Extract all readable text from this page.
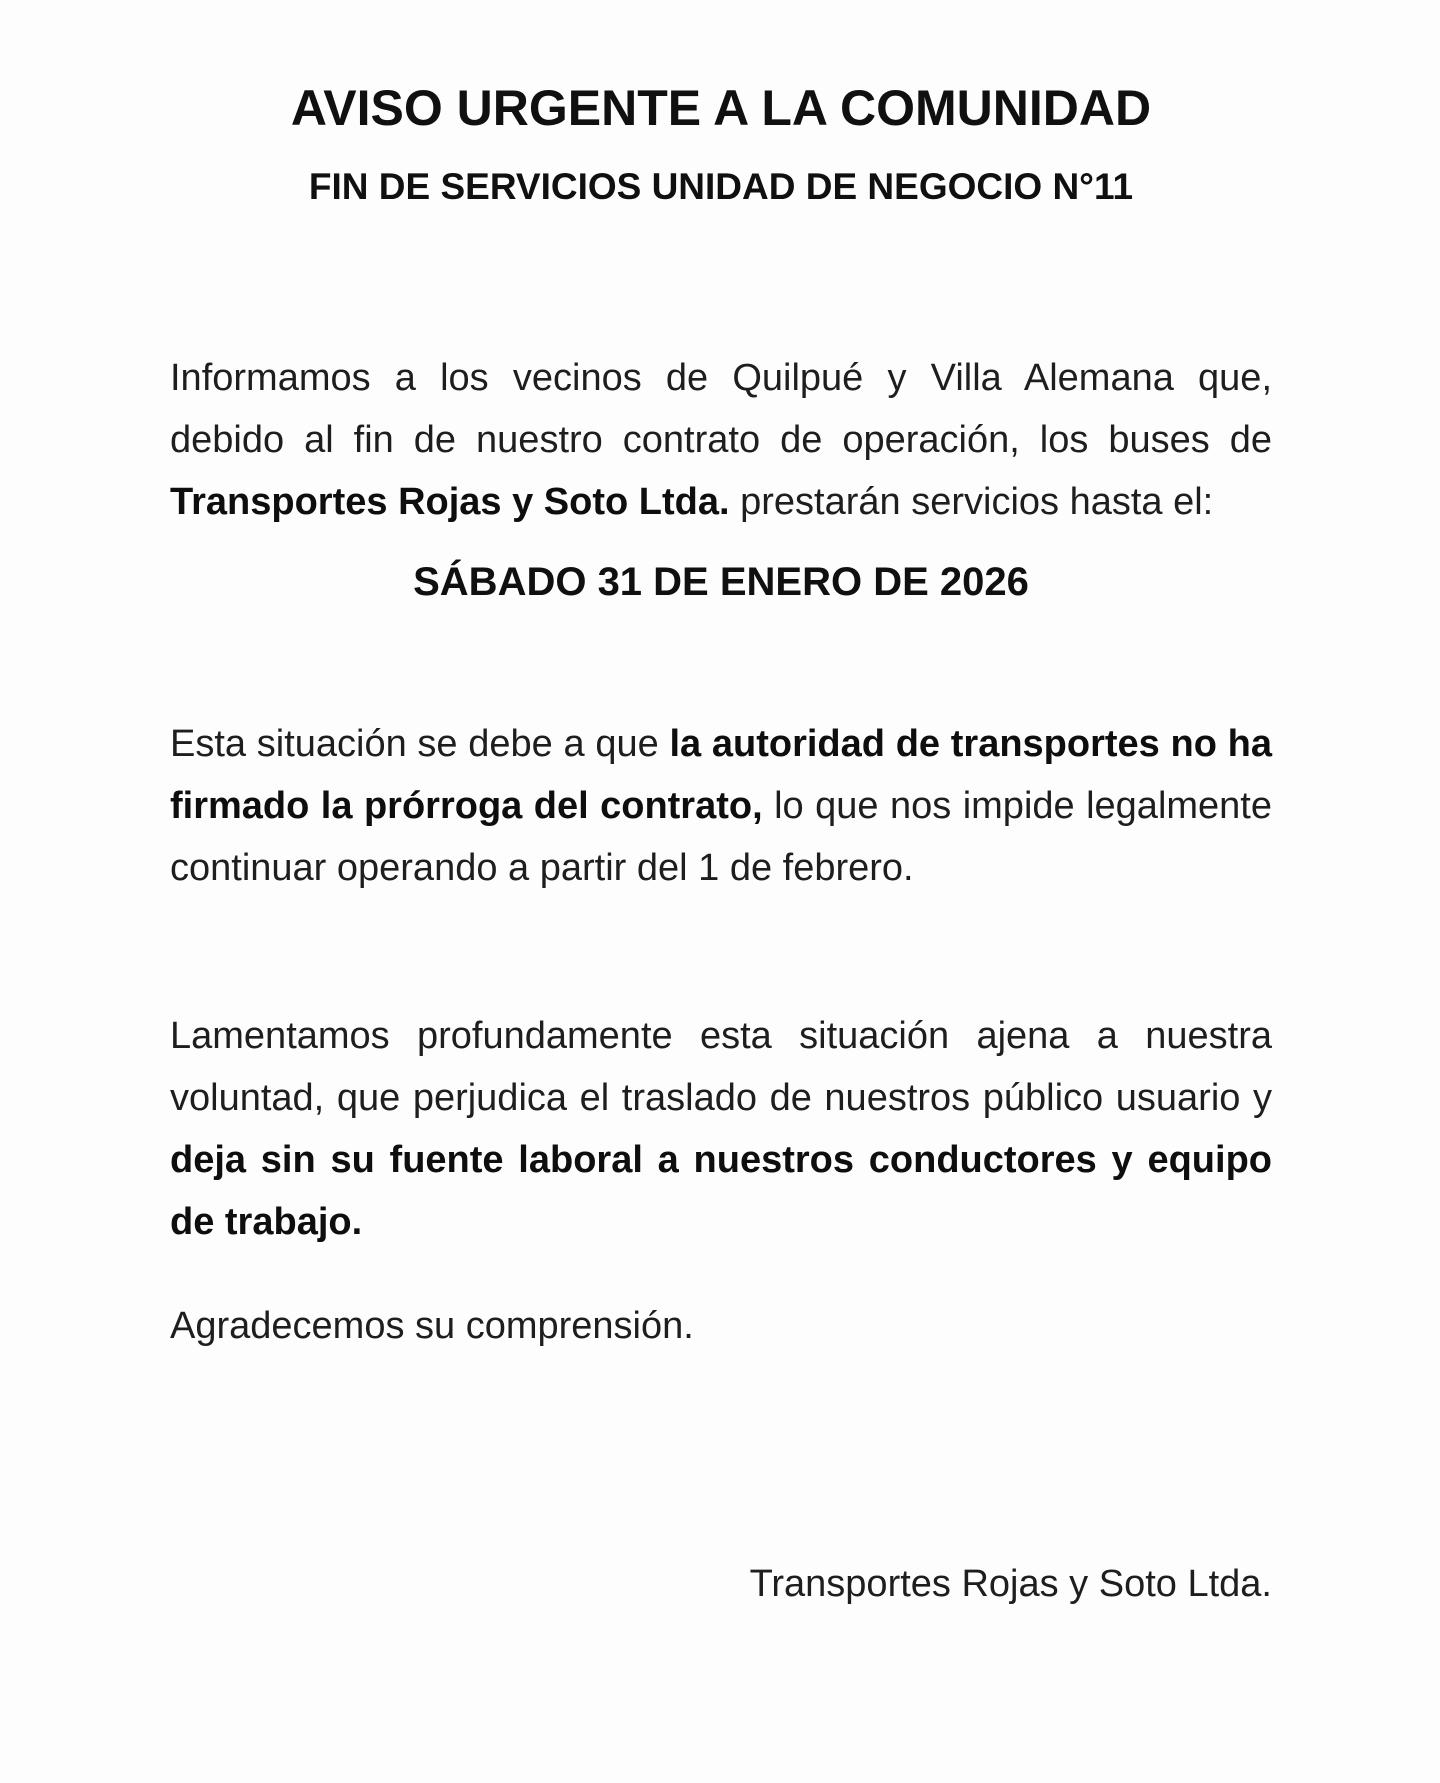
AVISO URGENTE A LA COMUNIDAD
FIN DE SERVICIOS UNIDAD DE NEGOCIO N°11

Informamos a los vecinos de Quilpué y Villa Alemana que, debido al fin de nuestro contrato de operación, los buses de Transportes Rojas y Soto Ltda. prestarán servicios hasta el:

SÁBADO 31 DE ENERO DE 2026

Esta situación se debe a que la autoridad de transportes no ha firmado la prórroga del contrato, lo que nos impide legalmente continuar operando a partir del 1 de febrero.

Lamentamos profundamente esta situación ajena a nuestra voluntad, que perjudica el traslado de nuestros público usuario y deja sin su fuente laboral a nuestros conductores y equipo de trabajo.

Agradecemos su comprensión.

Transportes Rojas y Soto Ltda.
